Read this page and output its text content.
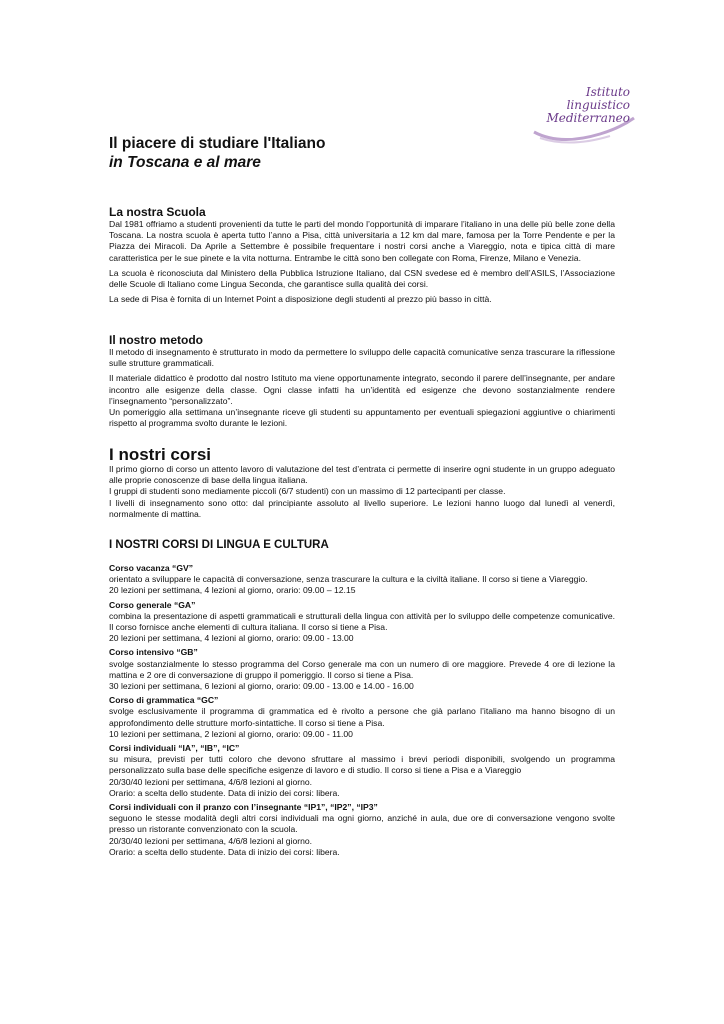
Istituto
linguistico
Mediterraneo
Il piacere di studiare l'Italiano
in Toscana e al mare
La nostra Scuola

Dal 1981 offriamo a studenti provenienti da tutte le parti del mondo l’opportunità di imparare l’italiano in una delle più belle zone della Toscana. La nostra scuola è aperta tutto l’anno a Pisa, città universitaria a 12 km dal mare, famosa per la Torre Pendente e per la Piazza dei Miracoli. Da Aprile a Settembre è possibile frequentare i nostri corsi anche a Viareggio, nota e tipica città di mare caratteristica per le sue pinete e la vita notturna. Entrambe le città sono ben collegate con Roma, Firenze, Milano e Venezia.

La scuola è riconosciuta dal Ministero della Pubblica Istruzione Italiano, dal CSN svedese ed è membro dell’ASILS, l’Associazione delle Scuole di Italiano come Lingua Seconda, che garantisce sulla qualità dei corsi.

La sede di Pisa è fornita di un Internet Point a disposizione degli studenti al prezzo più basso in città.

Il nostro metodo

Il metodo di insegnamento è strutturato in modo da permettere lo sviluppo delle capacità comunicative senza trascurare la riflessione sulle strutture grammaticali.

Il materiale didattico è prodotto dal nostro Istituto ma viene opportunamente integrato, secondo il parere dell’insegnante, per andare incontro alle esigenze della classe. Ogni classe infatti ha un’identità ed esigenze che devono sostanzialmente rendere l’insegnamento “personalizzato”.

Un pomeriggio alla settimana un’insegnante riceve gli studenti su appuntamento per eventuali spiegazioni aggiuntive o chiarimenti rispetto al programma svolto durante le lezioni.

I nostri corsi

Il primo giorno di corso un attento lavoro di valutazione del test d’entrata ci permette di inserire ogni studente in un gruppo adeguato alle proprie conoscenze di base della lingua italiana.

I gruppi di studenti sono mediamente piccoli (6/7 studenti) con un massimo di 12 partecipanti per classe.

I livelli di insegnamento sono otto: dal principiante assoluto al livello superiore. Le lezioni hanno luogo dal lunedì al venerdì, normalmente di mattina.

I NOSTRI CORSI DI LINGUA E CULTURA
Corso vacanza “GV”
orientato a sviluppare le capacità di conversazione, senza trascurare la cultura e la civiltà italiane. Il corso si tiene a Viareggio.
20 lezioni per settimana, 4 lezioni al giorno, orario: 09.00 – 12.15
Corso generale “GA”
combina la presentazione di aspetti grammaticali e strutturali della lingua con attività per lo sviluppo delle competenze comunicative. Il corso fornisce anche elementi di cultura italiana. Il corso si tiene a Pisa.
20 lezioni per settimana, 4 lezioni al giorno, orario: 09.00 - 13.00
Corso intensivo “GB”
svolge sostanzialmente lo stesso programma del Corso generale ma con un numero di ore maggiore. Prevede 4 ore di lezione la mattina e 2 ore di conversazione di gruppo il pomeriggio. Il corso si tiene a Pisa.
30 lezioni per settimana, 6 lezioni al giorno, orario: 09.00 - 13.00 e 14.00 - 16.00
Corso di grammatica “GC”
svolge esclusivamente il programma di grammatica ed è rivolto a persone che già parlano l’italiano ma hanno bisogno di un approfondimento delle strutture morfo-sintattiche. Il corso si tiene a Pisa.
10 lezioni per settimana, 2 lezioni al giorno, orario: 09.00 - 11.00
Corsi individuali “IA”, “IB”, “IC”
su misura, previsti per tutti coloro che devono sfruttare al massimo i brevi periodi disponibili, svolgendo un programma personalizzato sulla base delle specifiche esigenze di lavoro e di studio. Il corso si tiene a Pisa e a Viareggio
20/30/40 lezioni per settimana, 4/6/8 lezioni al giorno.
Orario: a scelta dello studente. Data di inizio dei corsi: libera.
Corsi individuali con il pranzo con l’insegnante “IP1”, “IP2”, “IP3”
seguono le stesse modalità degli altri corsi individuali ma ogni giorno, anziché in aula, due ore di conversazione vengono svolte presso un ristorante convenzionato con la scuola.
20/30/40 lezioni per settimana, 4/6/8 lezioni al giorno.
Orario: a scelta dello studente. Data di inizio dei corsi: libera.
